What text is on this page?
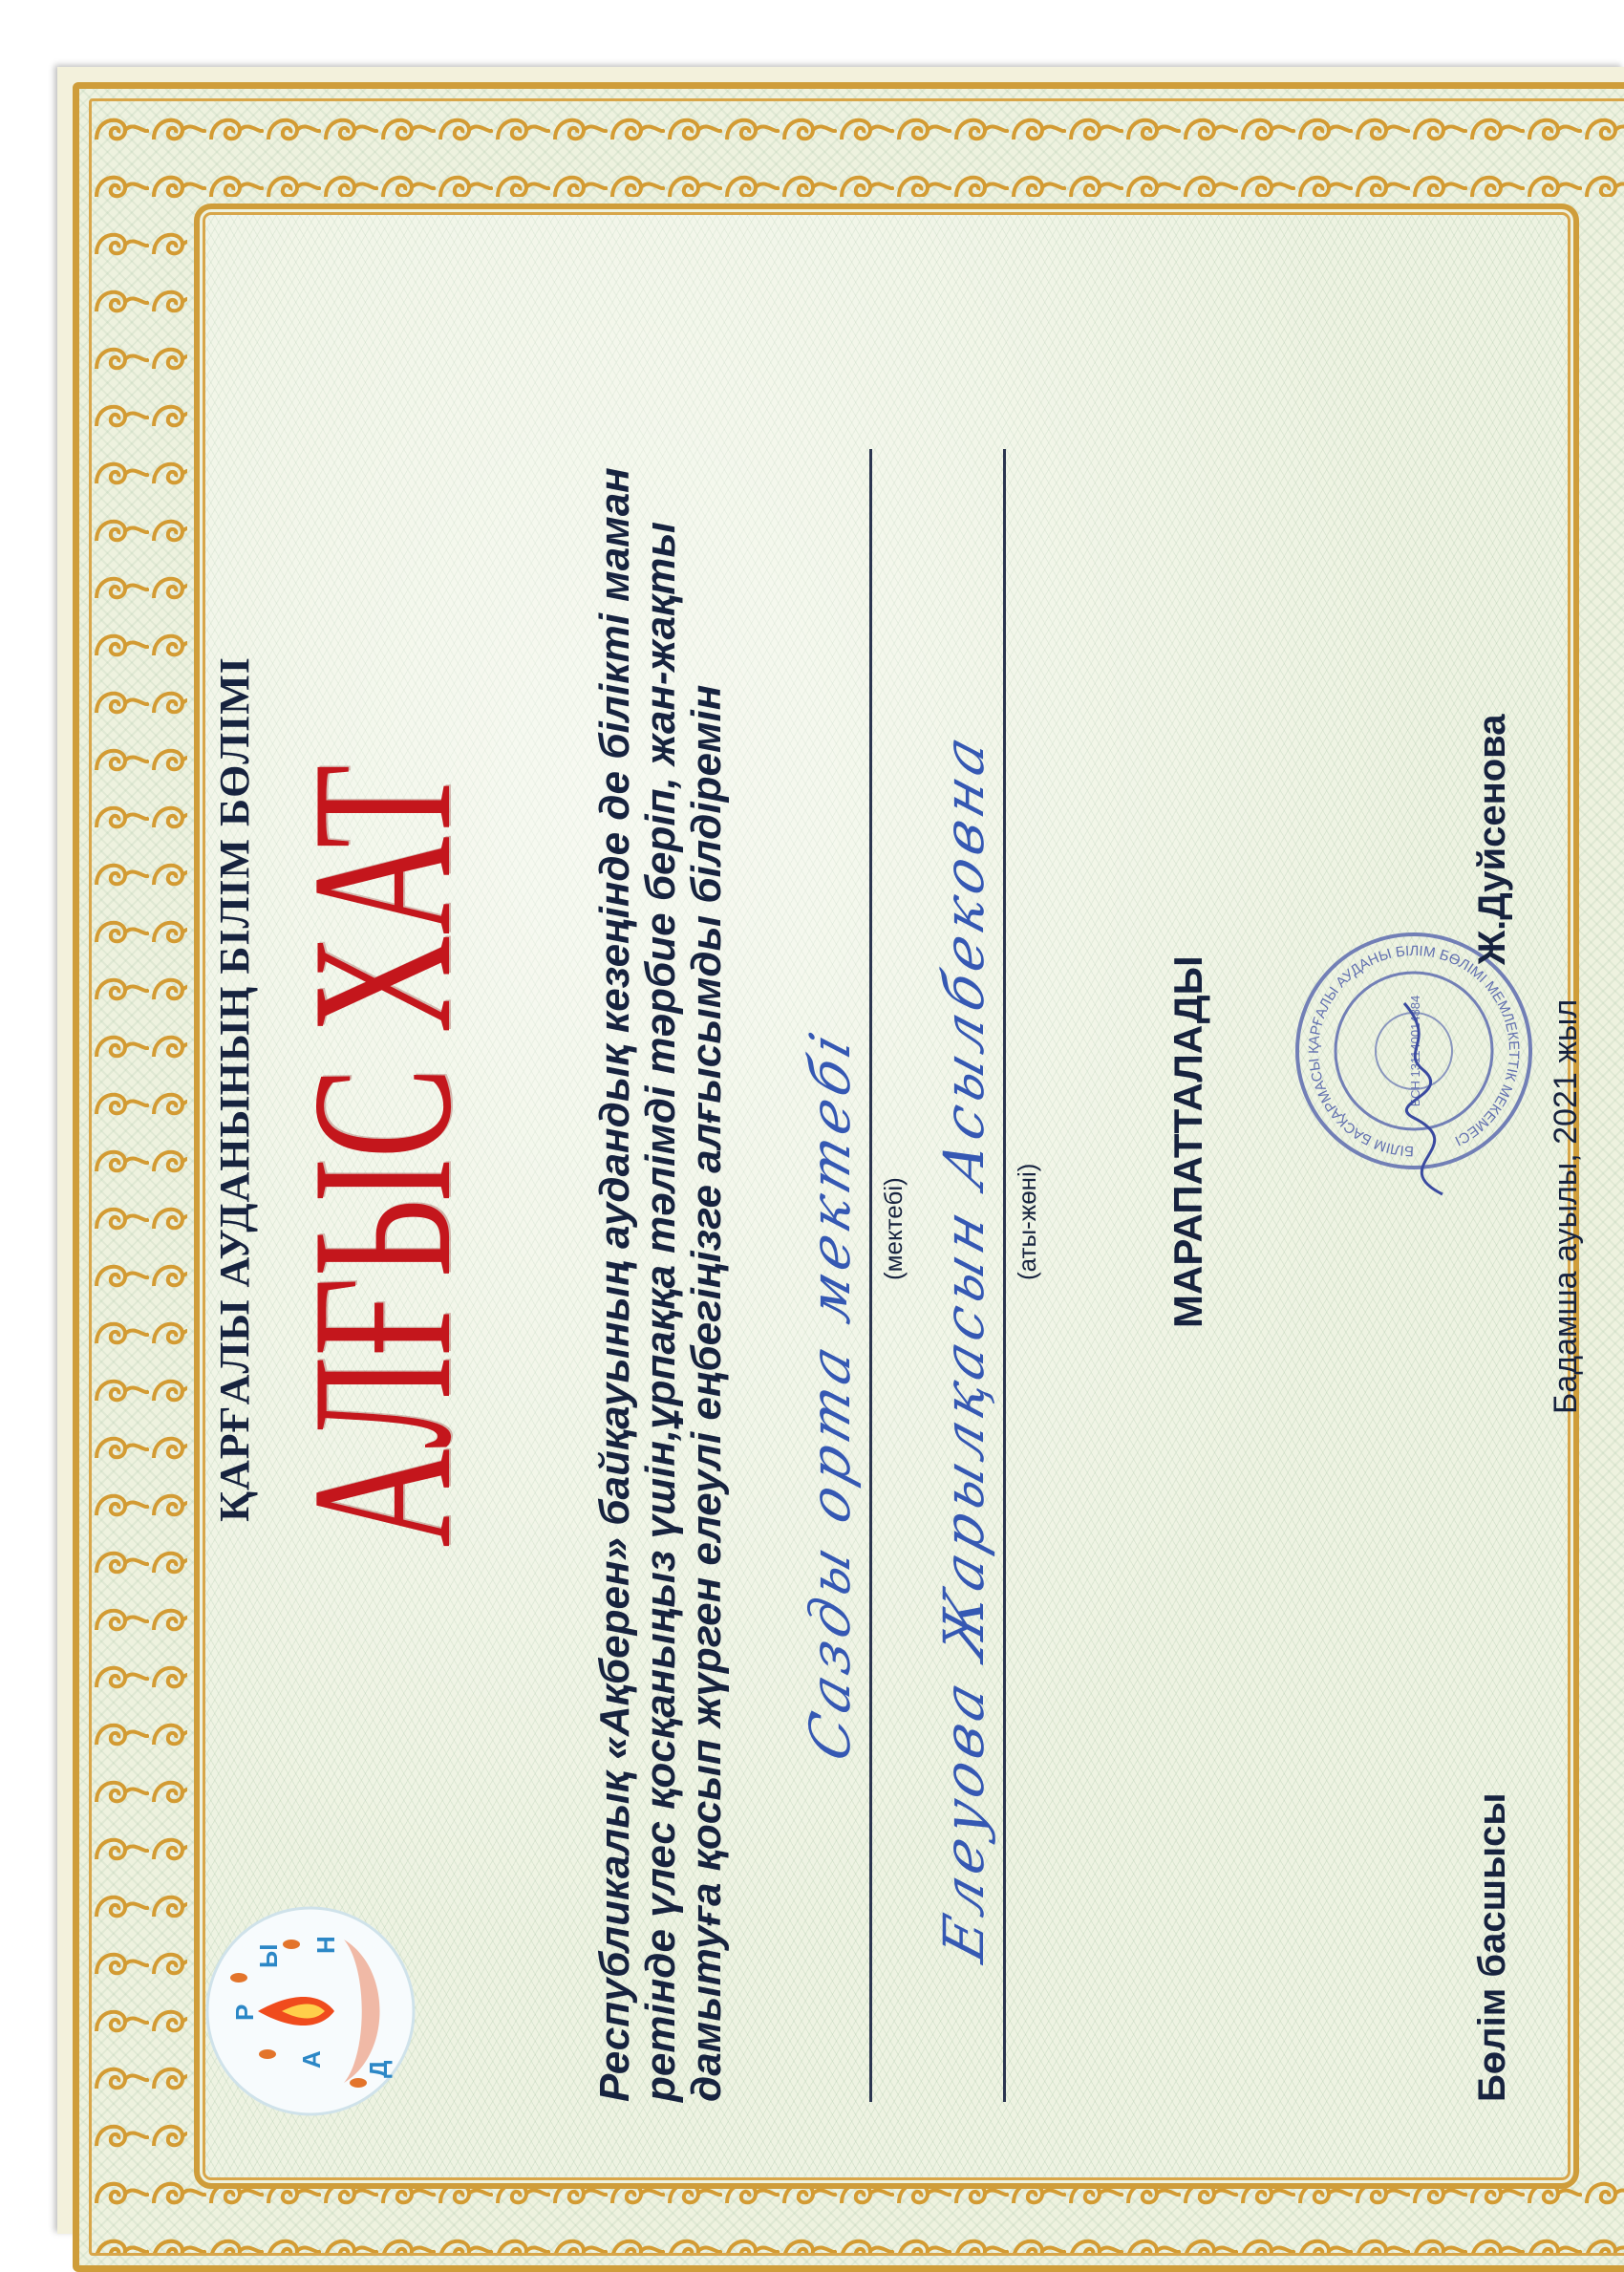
Д
А
Р
Ы Н
ҚАРҒАЛЫ АУДАНЫНЫҢ БІЛІМ БӨЛІМІ АЛҒЫС ХАТ Республикалық «Ақберен» байқауының аудандық кезеңінде де білікті маман ретінде үлес қосқаныңыз үшін,ұрпаққа тәлімді тәрбие беріп, жан-жақты дамытуға қосып жүрген елеулі еңбегіңізге алғысымды білдіремін Сазды орта мектебі (мектебі) Елеуова Жарылқасын Асылбековна (аты-жөні)	МАРАПАТТАЛАДЫ	БІЛІМ БАСҚАРМАСЫ ҚАРҒАЛЫ АУДАНЫ БІЛІМ БӨЛІМІ МЕМЛЕКЕТТІК МЕКЕМЕСІ
БСН 131140014884
Бөлім басшысы
Ж.Дуйсенова
Бадамша ауылы, 2021 жыл
